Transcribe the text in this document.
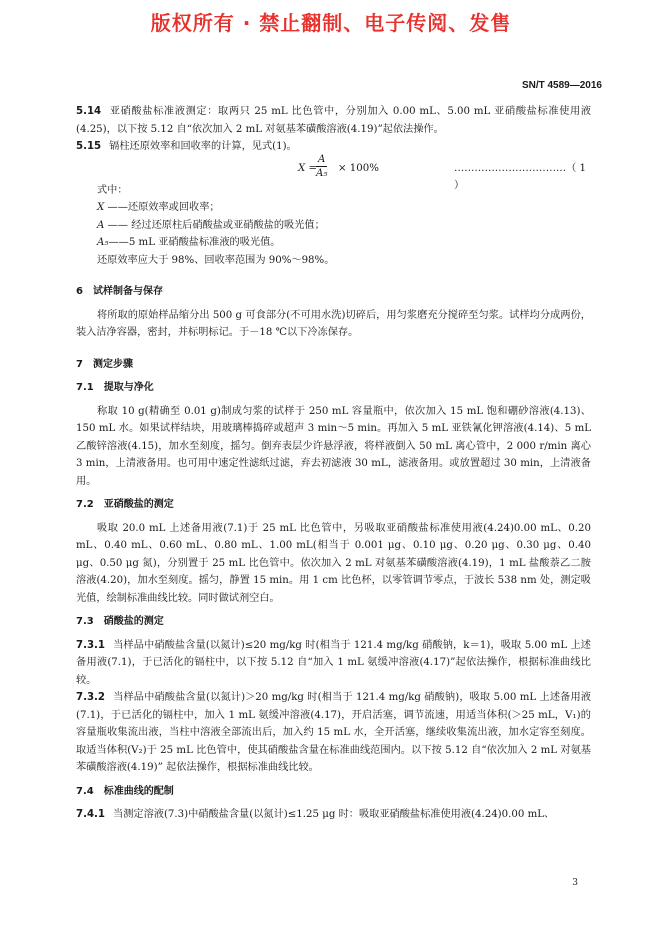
版权所有 · 禁止翻制、电子传阅、发售
SN/T 4589—2016

5.14 亚硝酸盐标准液测定：取两只 25 mL 比色管中，分别加入 0.00 mL、5.00 mL 亚硝酸盐标准使用液(4.25)，以下按 5.12 自“依次加入 2 mL 对氨基苯磺酸溶液(4.19)”起依法操作。

5.15 镉柱还原效率和回收率的计算，见式(1)。

X =
$\frac{A}{\text{A₅}} \times 100\%$	……………………………（ 1 ）

式中：

X ——还原效率或回收率；

A —— 经过还原柱后硝酸盐或亚硝酸盐的吸光值；

A₅——5 mL 亚硝酸盐标准液的吸光值。

还原效率应大于 98%、回收率范围为 90%～98%。

6 试样制备与保存

将所取的原始样品缩分出 500 g 可食部分(不可用水洗)切碎后，用匀浆磨充分搅碎至匀浆。试样均分成两份，装入洁净容器，密封，并标明标记。于－18 ℃以下冷冻保存。

7 测定步骤
7.1 提取与净化

称取 10 g(精确至 0.01 g)制成匀浆的试样于 250 mL 容量瓶中，依次加入 15 mL 饱和硼砂溶液(4.13)、150 mL 水。如果试样结块，用玻璃棒捣碎或超声 3 min～5 min。再加入 5 mL 亚铁氰化钾溶液(4.14)、5 mL 乙酸锌溶液(4.15)，加水至刻度，摇匀。倒弃表层少许悬浮液，将样液倒入 50 mL 离心管中，2 000 r/min 离心 3 min，上清液备用。也可用中速定性滤纸过滤，弃去初滤液 30 mL，滤液备用。或放置超过 30 min，上清液备用。

7.2 亚硝酸盐的测定

吸取 20.0 mL 上述备用液(7.1)于 25 mL 比色管中，另吸取亚硝酸盐标准使用液(4.24)0.00 mL、0.20 mL、0.40 mL、0.60 mL、0.80 mL、1.00 mL(相当于 0.001 μg、0.10 μg、0.20 μg、0.30 μg、0.40 μg、0.50 μg 氮)，分别置于 25 mL 比色管中。依次加入 2 mL 对氨基苯磺酸溶液(4.19)，1 mL 盐酸萘乙二胺溶液(4.20)，加水至刻度。摇匀，静置 15 min。用 1 cm 比色杯，以零管调节零点，于波长 538 nm 处，测定吸光值，绘制标准曲线比较。同时做试剂空白。

7.3 硝酸盐的测定

7.3.1 当样品中硝酸盐含量(以氮计)≤20 mg/kg 时(相当于 121.4 mg/kg 硝酸钠，k＝1)，吸取 5.00 mL 上述备用液(7.1)，于已活化的镉柱中，以下按 5.12 自“加入 1 mL 氨缓冲溶液(4.17)”起依法操作，根据标准曲线比较。

7.3.2 当样品中硝酸盐含量(以氮计)＞20 mg/kg 时(相当于 121.4 mg/kg 硝酸钠)，吸取 5.00 mL 上述备用液(7.1)，于已活化的镉柱中，加入 1 mL 氨缓冲溶液(4.17)，开启活塞，调节流速，用适当体积(＞25 mL，V₁)的容量瓶收集流出液，当柱中溶液全部流出后，加入约 15 mL 水，全开活塞，继续收集流出液，加水定容至刻度。取适当体积(V₂)于 25 mL 比色管中，使其硝酸盐含量在标准曲线范围内。以下按 5.12 自“依次加入 2 mL 对氨基苯磺酸溶液(4.19)” 起依法操作，根据标准曲线比较。

7.4 标准曲线的配制

7.4.1 当测定溶液(7.3)中硝酸盐含量(以氮计)≤1.25 μg 时：吸取亚硝酸盐标准使用液(4.24)0.00 mL、

3
